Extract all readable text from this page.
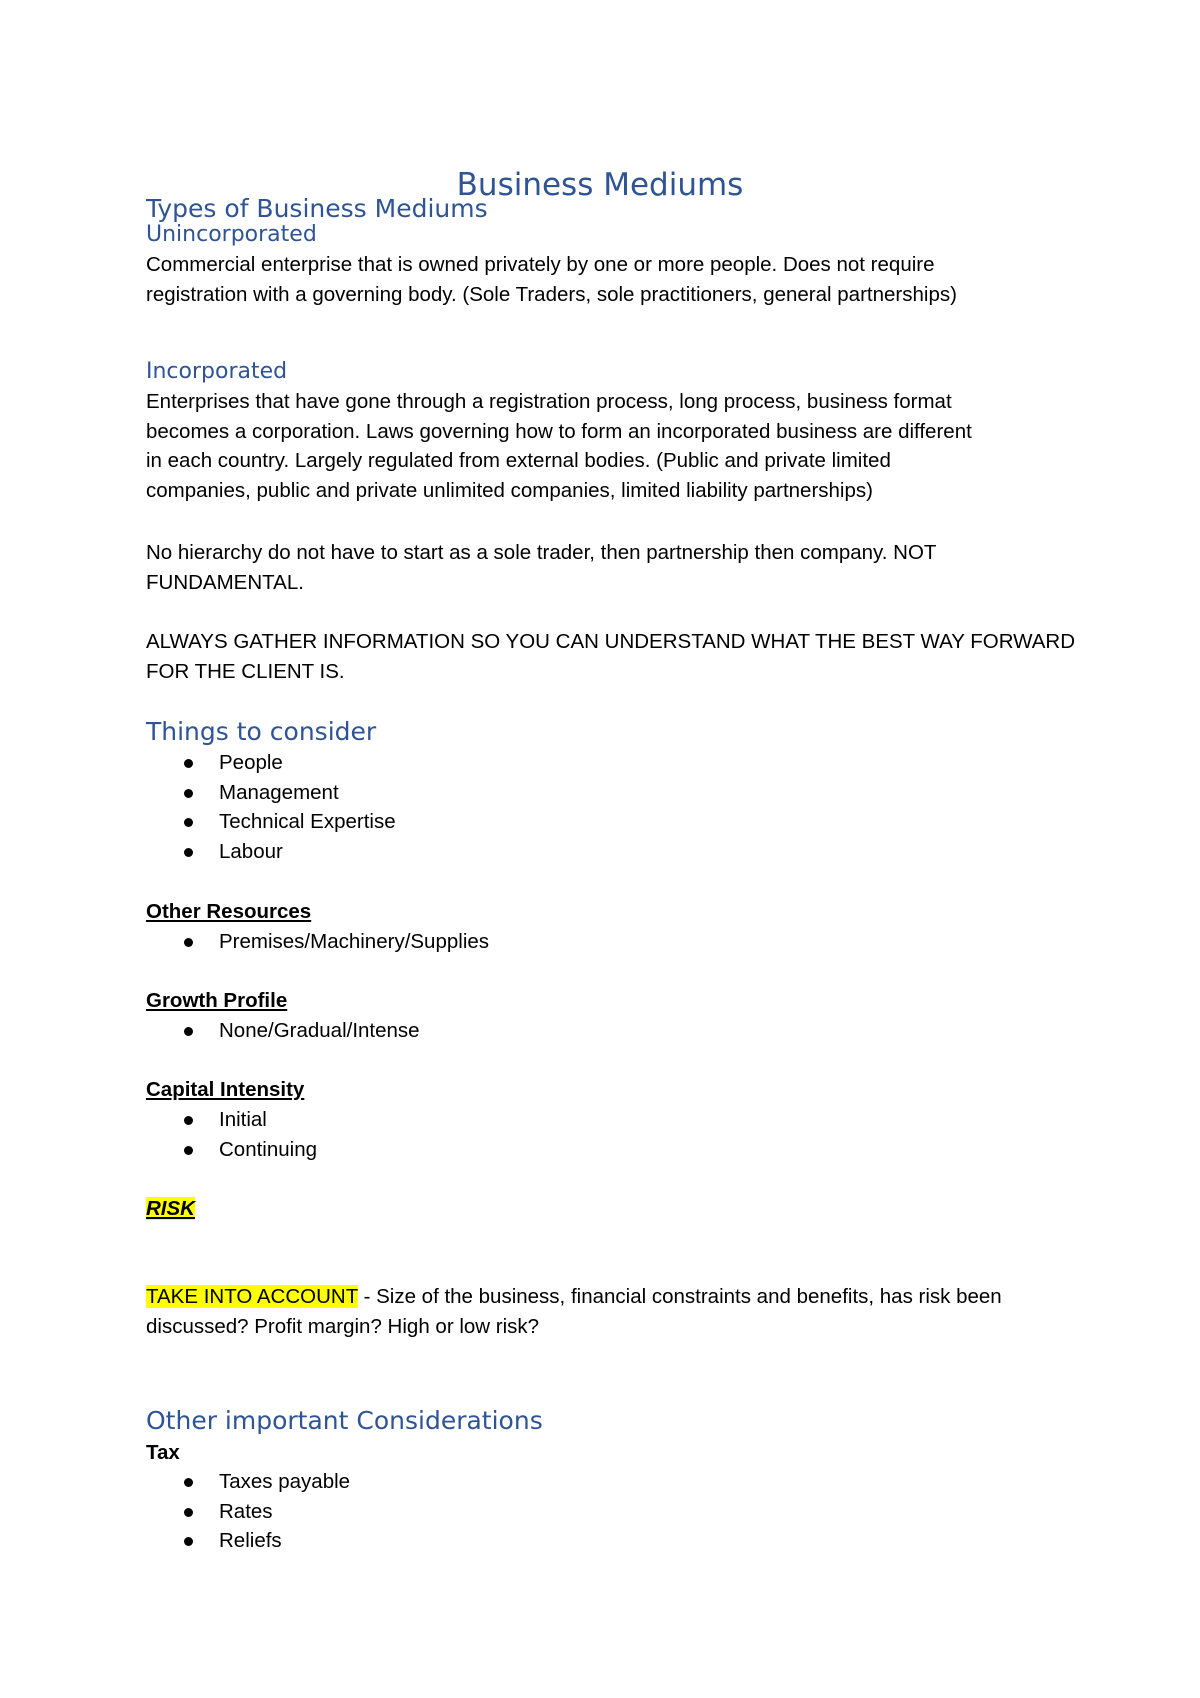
Business Mediums
Types of Business Mediums
Unincorporated

Commercial enterprise that is owned privately by one or more people. Does not require
registration with a governing body. (Sole Traders, sole practitioners, general partnerships)

Incorporated

Enterprises that have gone through a registration process, long process, business format
becomes a corporation. Laws governing how to form an incorporated business are different
in each country. Largely regulated from external bodies. (Public and private limited
companies, public and private unlimited companies, limited liability partnerships)

No hierarchy do not have to start as a sole trader, then partnership then company. NOT
FUNDAMENTAL.

ALWAYS GATHER INFORMATION SO YOU CAN UNDERSTAND WHAT THE BEST WAY FORWARD
FOR THE CLIENT IS.

Things to consider
People
Management
Technical Expertise
Labour

Other Resources

Premises/Machinery/Supplies

Growth Profile

None/Gradual/Intense

Capital Intensity

Initial
Continuing

RISK

TAKE INTO ACCOUNT - Size of the business, financial constraints and benefits, has risk been
discussed? Profit margin? High or low risk?

Other important Considerations

Tax

Taxes payable
Rates
Reliefs
